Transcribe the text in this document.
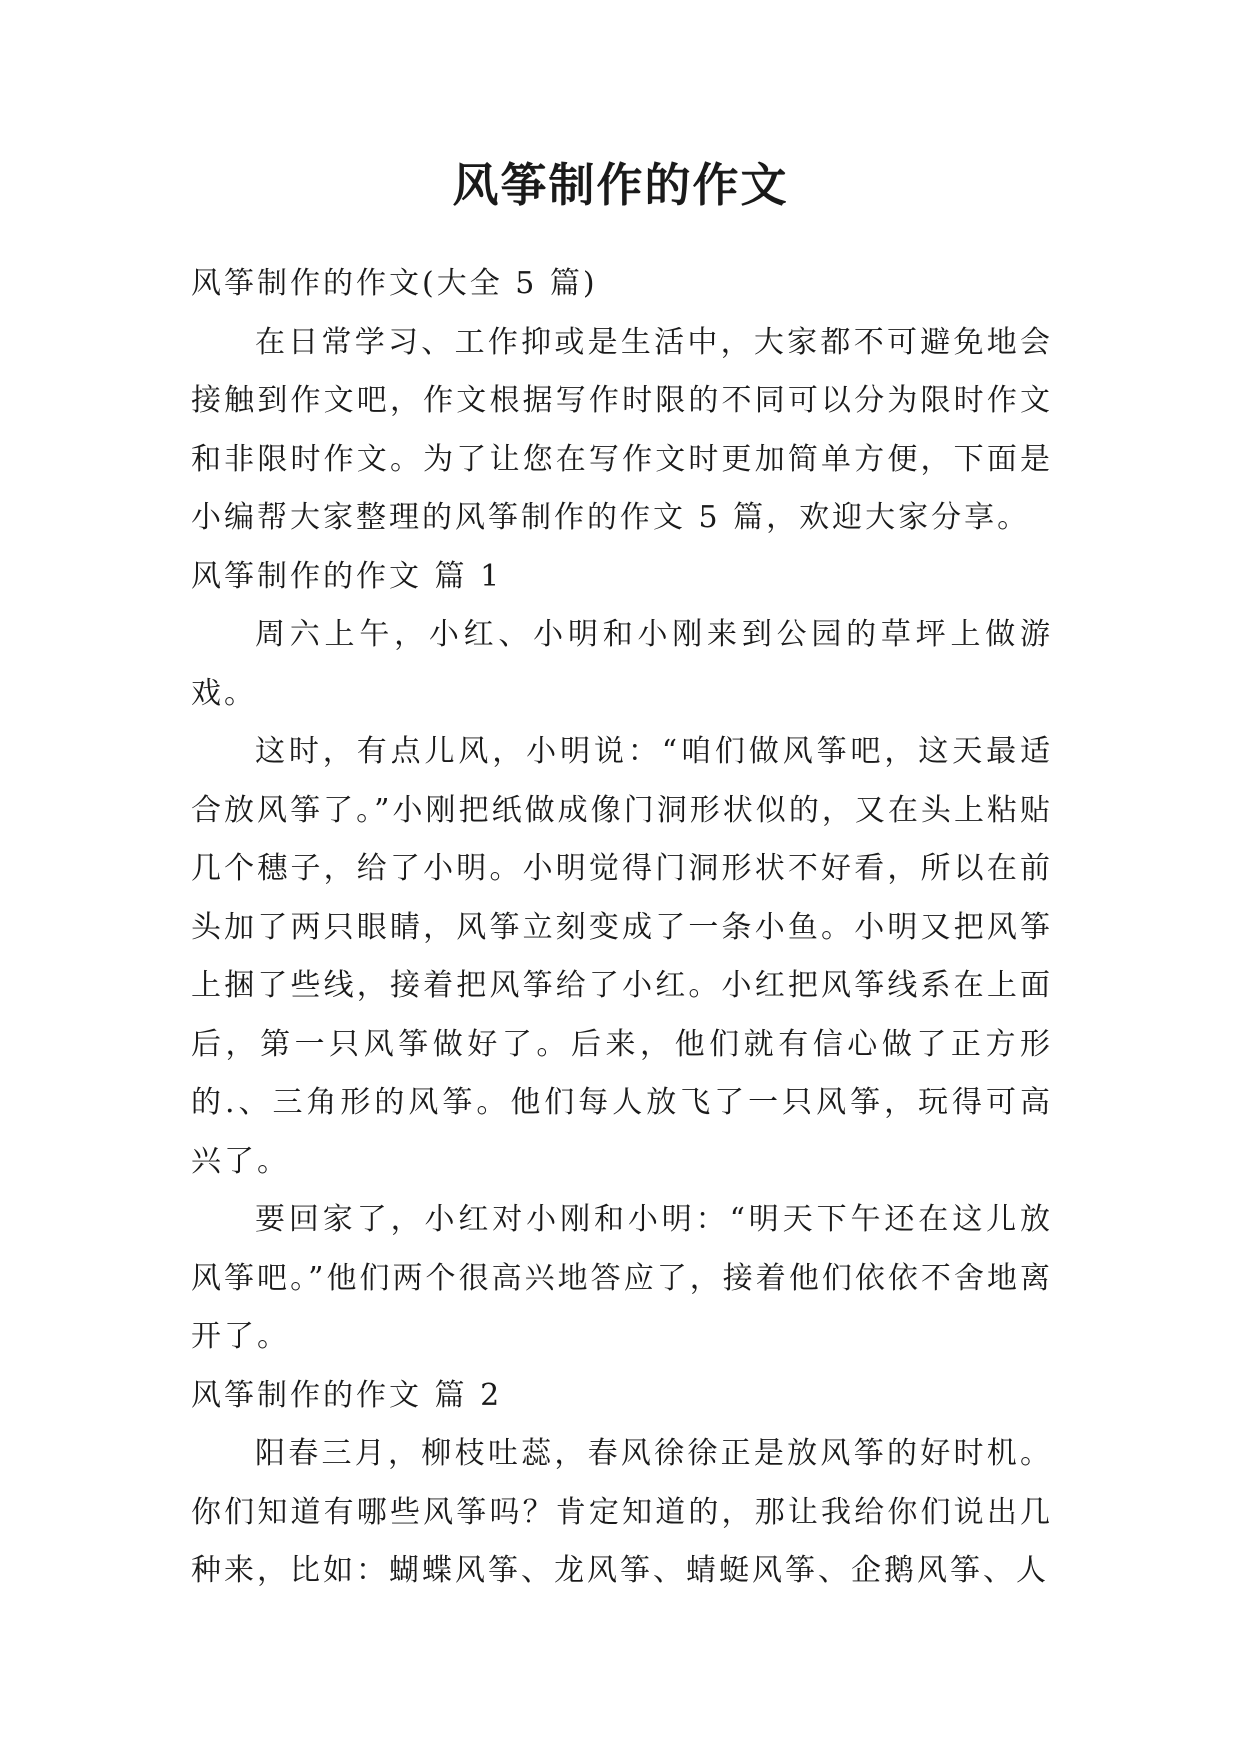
风筝制作的作文

风筝制作的作文(大全 5 篇)

在日常学习、工作抑或是生活中，大家都不可避免地会接触到作文吧，作文根据写作时限的不同可以分为限时作文和非限时作文。为了让您在写作文时更加简单方便，下面是小编帮大家整理的风筝制作的作文 5 篇，欢迎大家分享。

风筝制作的作文 篇 1

周六上午，小红、小明和小刚来到公园的草坪上做游戏。

这时，有点儿风，小明说：“咱们做风筝吧，这天最适合放风筝了。”小刚把纸做成像门洞形状似的，又在头上粘贴几个穗子，给了小明。小明觉得门洞形状不好看，所以在前头加了两只眼睛，风筝立刻变成了一条小鱼。小明又把风筝上捆了些线，接着把风筝给了小红。小红把风筝线系在上面后，第一只风筝做好了。后来，他们就有信心做了正方形的.、三角形的风筝。他们每人放飞了一只风筝，玩得可高兴了。

要回家了，小红对小刚和小明：“明天下午还在这儿放风筝吧。”他们两个很高兴地答应了，接着他们依依不舍地离开了。

风筝制作的作文 篇 2

阳春三月，柳枝吐蕊，春风徐徐正是放风筝的好时机。你们知道有哪些风筝吗？肯定知道的，那让我给你们说出几种来，比如：蝴蝶风筝、龙风筝、蜻蜓风筝、企鹅风筝、人
